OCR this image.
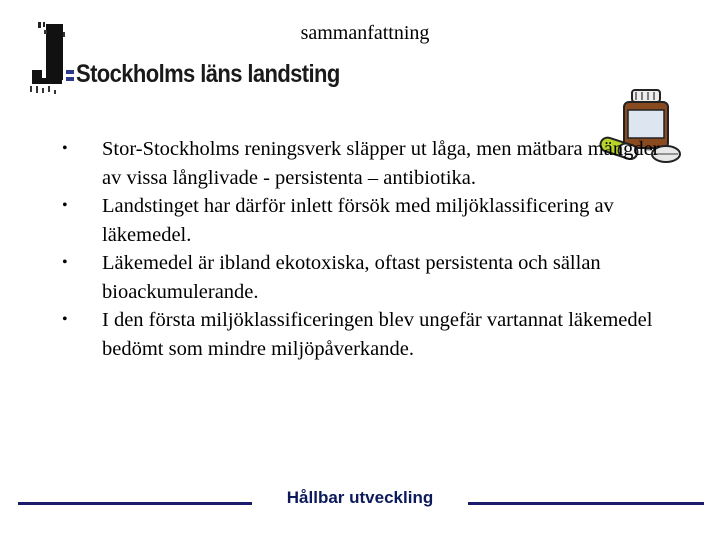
sammanfattning
Stockholms läns landsting
• Stor-Stockholms reningsverk släpper ut låga, men mätbara mängder av vissa långlivade - persistenta – antibiotika.
• Landstinget har därför inlett försök med miljöklassificering av läkemedel.
• Läkemedel är ibland ekotoxiska, oftast persistenta och sällan bioackumulerande.
• I den första miljöklassificeringen blev ungefär vartannat läkemedel bedömt som mindre miljöpåverkande.
Hållbar utveckling
